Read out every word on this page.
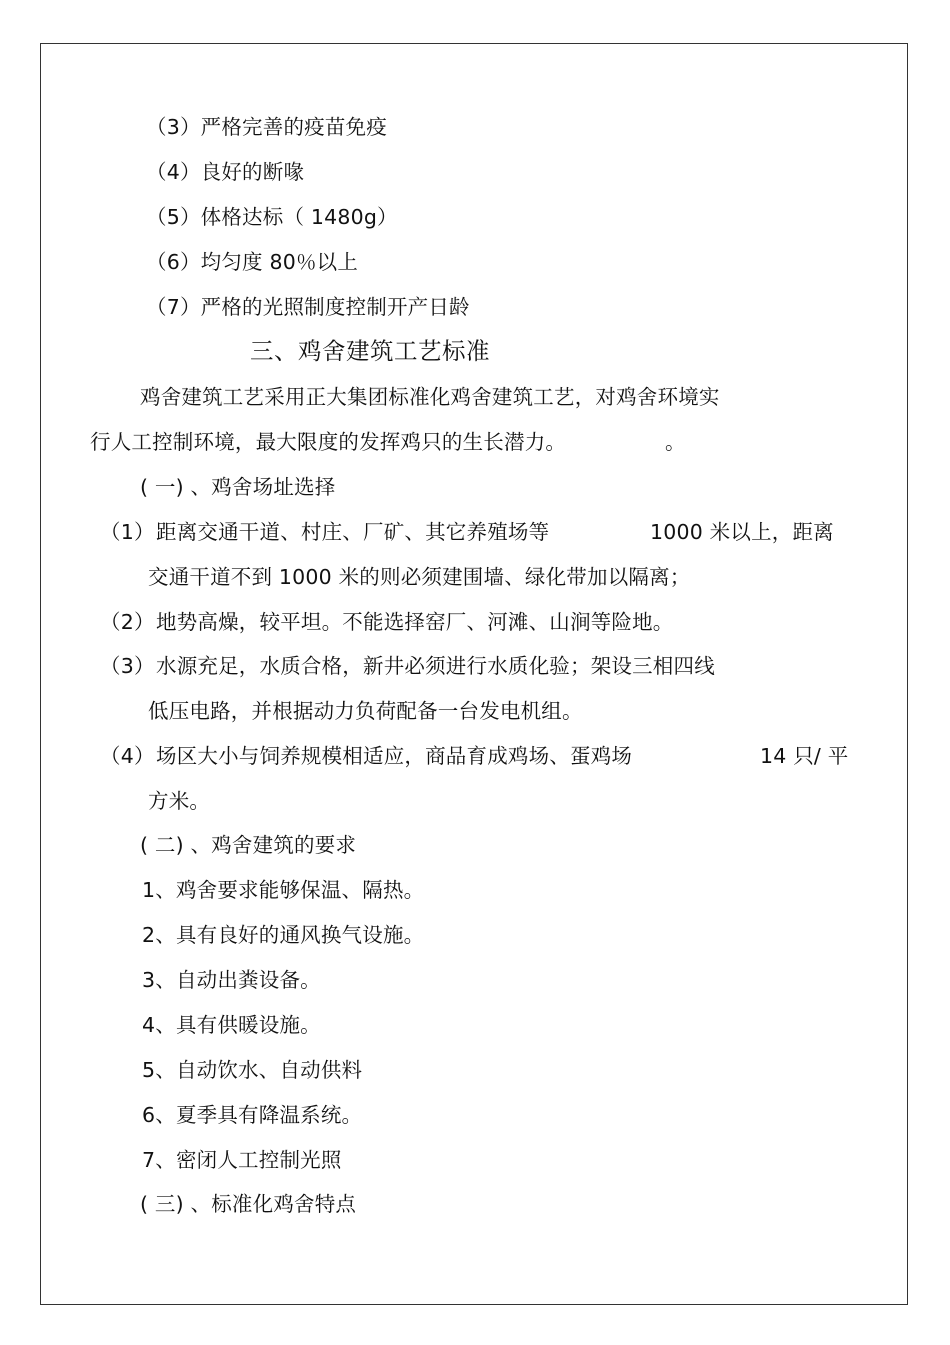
（3）严格完善的疫苗免疫
（4）良好的断喙
（5）体格达标（ 1480g）
（6）均匀度 80％以上
（7）严格的光照制度控制开产日龄
三、鸡舍建筑工艺标准
鸡舍建筑工艺采用正大集团标准化鸡舍建筑工艺，对鸡舍环境实
行人工控制环境，最大限度的发挥鸡只的生长潜力。	。
( 一) 、鸡舍场址选择
（1） 距离交通干道、村庄、厂矿、其它养殖场等	1000 米以上，距离
交通干道不到 1000 米的则必须建围墙、绿化带加以隔离；
（2） 地势高燥，较平坦。不能选择窑厂、河滩、山涧等险地。
（3） 水源充足，水质合格，新井必须进行水质化验；架设三相四线
低压电路，并根据动力负荷配备一台发电机组。
（4） 场区大小与饲养规模相适应，商品育成鸡场、蛋鸡场	14 只/ 平
方米。
( 二) 、鸡舍建筑的要求
1、鸡舍要求能够保温、隔热。
2、具有良好的通风换气设施。
3、自动出粪设备。
4、具有供暖设施。
5、自动饮水、自动供料
6、夏季具有降温系统。
7、密闭人工控制光照
( 三) 、标准化鸡舍特点
